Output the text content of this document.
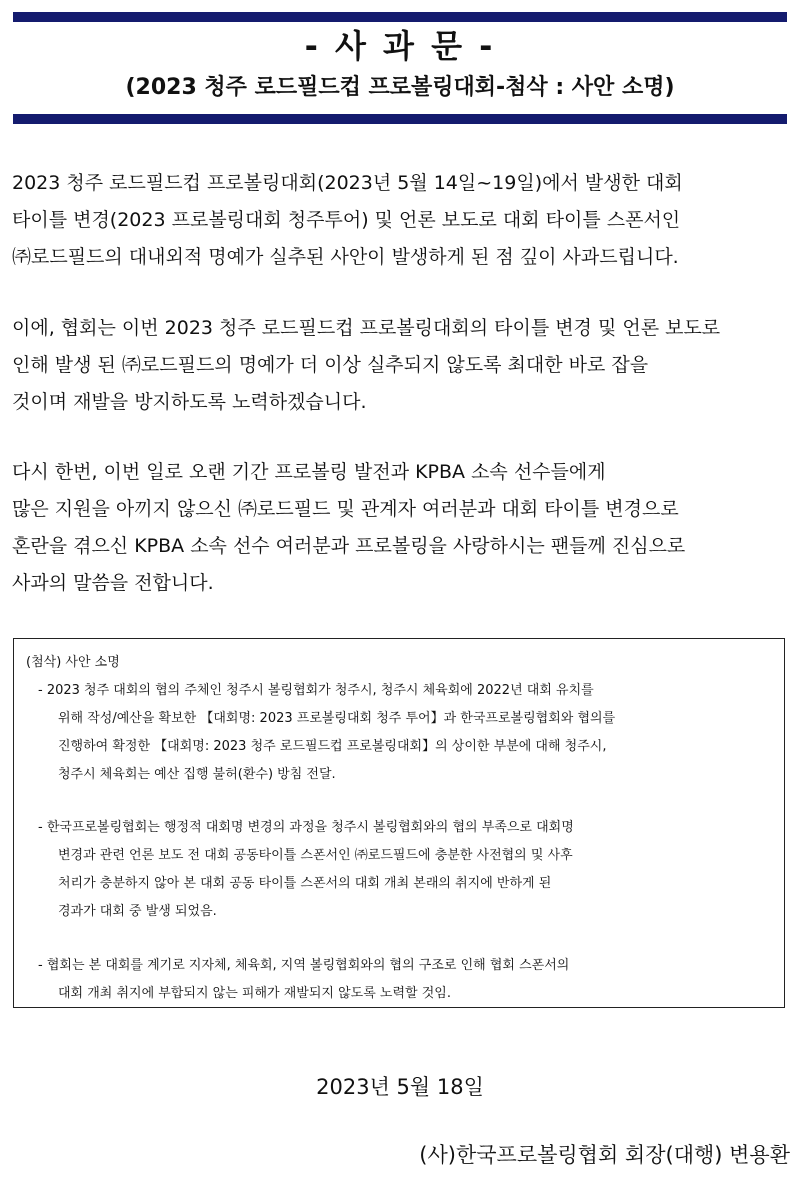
- 사 과 문 -
(2023 청주 로드필드컵 프로볼링대회-첨삭 : 사안 소명)
2023 청주 로드필드컵 프로볼링대회(2023년 5월 14일~19일)에서 발생한 대회
타이틀 변경(2023 프로볼링대회 청주투어) 및 언론 보도로 대회 타이틀 스폰서인
㈜로드필드의 대내외적 명예가 실추된 사안이 발생하게 된 점 깊이 사과드립니다.
이에, 협회는 이번 2023 청주 로드필드컵 프로볼링대회의 타이틀 변경 및 언론 보도로
인해 발생 된 ㈜로드필드의 명예가 더 이상 실추되지 않도록 최대한 바로 잡을
것이며 재발을 방지하도록 노력하겠습니다.
다시 한번, 이번 일로 오랜 기간 프로볼링 발전과 KPBA 소속 선수들에게
많은 지원을 아끼지 않으신 ㈜로드필드 및 관계자 여러분과 대회 타이틀 변경으로
혼란을 겪으신 KPBA 소속 선수 여러분과 프로볼링을 사랑하시는 팬들께 진심으로
사과의 말씀을 전합니다.
(첨삭) 사안 소명
- 2023 청주 대회의 협의 주체인 청주시 볼링협회가 청주시, 청주시 체육회에 2022년 대회 유치를
위해 작성/예산을 확보한 【대회명: 2023 프로볼링대회 청주 투어】과 한국프로볼링협회와 협의를
진행하여 확정한 【대회명: 2023 청주 로드필드컵 프로볼링대회】의 상이한 부분에 대해 청주시,
청주시 체육회는 예산 집행 불허(환수) 방침 전달.
- 한국프로볼링협회는 행정적 대회명 변경의 과정을 청주시 볼링협회와의 협의 부족으로 대회명
변경과 관련 언론 보도 전 대회 공동타이틀 스폰서인 ㈜로드필드에 충분한 사전협의 및 사후
처리가 충분하지 않아 본 대회 공동 타이틀 스폰서의 대회 개최 본래의 취지에 반하게 된
경과가 대회 중 발생 되었음.
- 협회는 본 대회를 계기로 지자체, 체육회, 지역 볼링협회와의 협의 구조로 인해 협회 스폰서의
대회 개최 취지에 부합되지 않는 피해가 재발되지 않도록 노력할 것임.
2023년 5월 18일
(사)한국프로볼링협회 회장(대행) 변용환
